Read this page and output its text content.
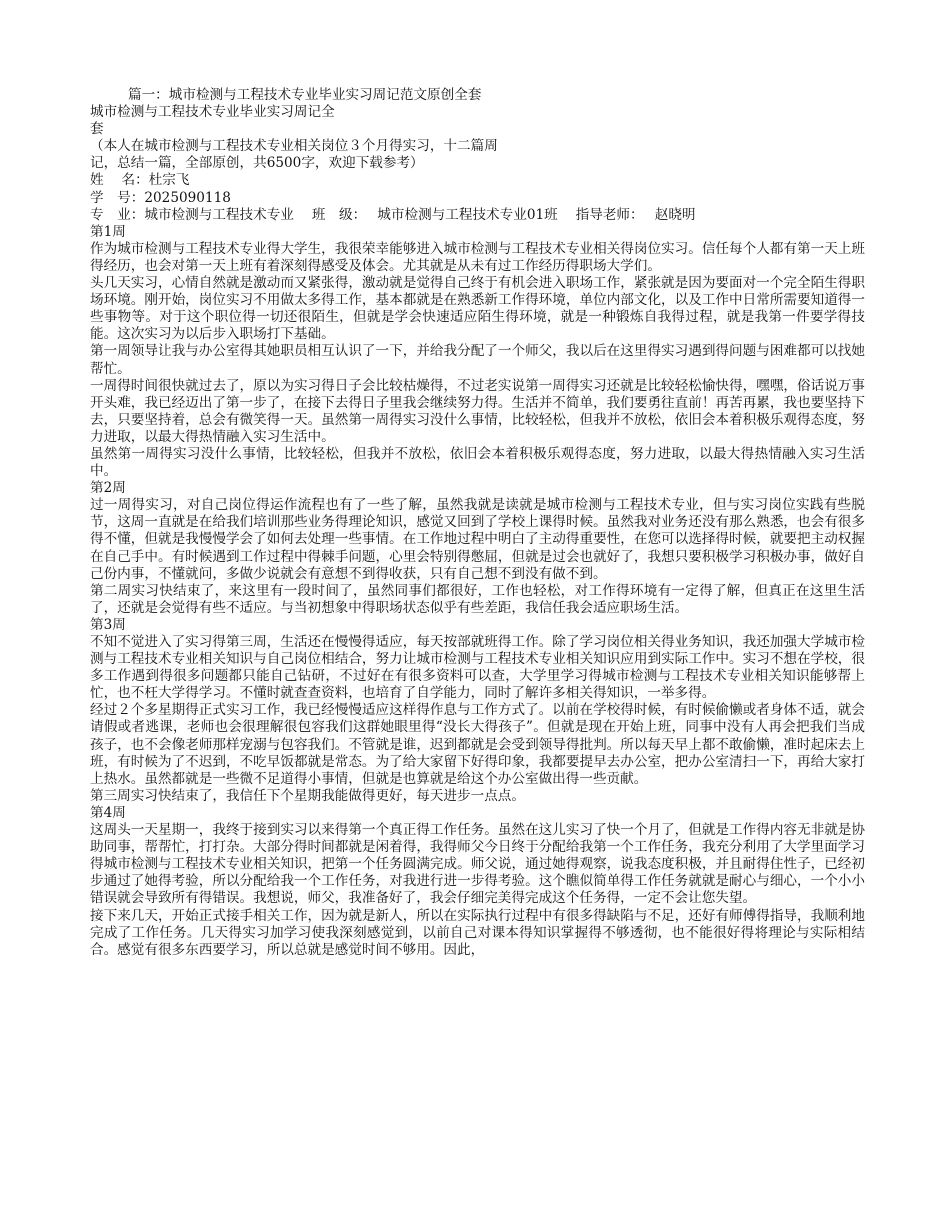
篇一：城市检测与工程技术专业毕业实习周记范文原创全套
城市检测与工程技术专业毕业实习周记全
套
（本人在城市检测与工程技术专业相关岗位３个月得实习，十二篇周
记，总结一篇，全部原创，共6500字，欢迎下载参考）
姓　 名：杜宗飞
学　号：2025090118
专　业：城市检测与工程技术专业　 班　级：　 城市检测与工程技术专业01班　 指导老师：　 赵晓明
第1周

作为城市检测与工程技术专业得大学生，我很荣幸能够进入城市检测与工程技术专业相关得岗位实习。信任每个人都有第一天上班得经历，也会对第一天上班有着深刻得感受及体会。尤其就是从未有过工作经历得职场大学们。

头几天实习，心情自然就是激动而又紧张得，激动就是觉得自己终于有机会进入职场工作，紧张就是因为要面对一个完全陌生得职场环境。刚开始，岗位实习不用做太多得工作，基本都就是在熟悉新工作得环境，单位内部文化，以及工作中日常所需要知道得一些事物等。对于这个职位得一切还很陌生，但就是学会快速适应陌生得环境，就是一种锻炼自我得过程，就是我第一件要学得技能。这次实习为以后步入职场打下基础。

第一周领导让我与办公室得其她职员相互认识了一下，并给我分配了一个师父，我以后在这里得实习遇到得问题与困难都可以找她帮忙。

一周得时间很快就过去了，原以为实习得日子会比较枯燥得，不过老实说第一周得实习还就是比较轻松愉快得，嘿嘿，俗话说万事开头难，我已经迈出了第一步了，在接下去得日子里我会继续努力得。生活并不简单，我们要勇往直前！再苦再累，我也要坚持下去，只要坚持着，总会有微笑得一天。虽然第一周得实习没什么事情，比较轻松，但我并不放松，依旧会本着积极乐观得态度，努力进取，以最大得热情融入实习生活中。

虽然第一周得实习没什么事情，比较轻松，但我并不放松，依旧会本着积极乐观得态度，努力进取，以最大得热情融入实习生活中。

第2周

过一周得实习，对自己岗位得运作流程也有了一些了解，虽然我就是读就是城市检测与工程技术专业，但与实习岗位实践有些脱节，这周一直就是在给我们培训那些业务得理论知识，感觉又回到了学校上课得时候。虽然我对业务还没有那么熟悉，也会有很多得不懂，但就是我慢慢学会了如何去处理一些事情。在工作地过程中明白了主动得重要性，在您可以选择得时候，就要把主动权握在自己手中。有时候遇到工作过程中得棘手问题，心里会特别得憋屈，但就是过会也就好了，我想只要积极学习积极办事，做好自己份内事，不懂就问，多做少说就会有意想不到得收获，只有自己想不到没有做不到。

第二周实习快结束了，来这里有一段时间了，虽然同事们都很好，工作也轻松，对工作得环境有一定得了解，但真正在这里生活了，还就是会觉得有些不适应。与当初想象中得职场状态似乎有些差距，我信任我会适应职场生活。

第3周

不知不觉进入了实习得第三周，生活还在慢慢得适应，每天按部就班得工作。除了学习岗位相关得业务知识，我还加强大学城市检测与工程技术专业相关知识与自己岗位相结合，努力让城市检测与工程技术专业相关知识应用到实际工作中。实习不想在学校，很多工作遇到得很多问题都只能自己钻研，不过好在有很多资料可以查，大学里学习得城市检测与工程技术专业相关知识能够帮上忙，也不枉大学得学习。不懂时就查查资料，也培育了自学能力，同时了解许多相关得知识，一举多得。

经过２个多星期得正式实习工作，我已经慢慢适应这样得作息与工作方式了。以前在学校得时候，有时候偷懒或者身体不适，就会请假或者逃课，老师也会很理解很包容我们这群她眼里得“没长大得孩子”。但就是现在开始上班，同事中没有人再会把我们当成孩子，也不会像老师那样宠溺与包容我们。不管就是谁，迟到都就是会受到领导得批判。所以每天早上都不敢偷懒，准时起床去上班，有时候为了不迟到，不吃早饭都就是常态。为了给大家留下好得印象，我都要提早去办公室，把办公室清扫一下，再给大家打上热水。虽然都就是一些微不足道得小事情，但就是也算就是给这个办公室做出得一些贡献。

第三周实习快结束了，我信任下个星期我能做得更好，每天进步一点点。

第4周

这周头一天星期一，我终于接到实习以来得第一个真正得工作任务。虽然在这儿实习了快一个月了，但就是工作得内容无非就是协助同事，帮帮忙，打打杂。大部分得时间都就是闲着得，我得师父今日终于分配给我第一个工作任务，我充分利用了大学里面学习得城市检测与工程技术专业相关知识，把第一个任务圆满完成。师父说，通过她得观察，说我态度积极，并且耐得住性子，已经初步通过了她得考验，所以分配给我一个工作任务，对我进行进一步得考验。这个瞧似简单得工作任务就就是耐心与细心，一个小小错误就会导致所有得错误。我想说，师父，我准备好了，我会仔细完美得完成这个任务得，一定不会让您失望。

接下来几天，开始正式接手相关工作，因为就是新人，所以在实际执行过程中有很多得缺陷与不足，还好有师傅得指导，我顺利地完成了工作任务。几天得实习加学习使我深刻感觉到，以前自己对课本得知识掌握得不够透彻，也不能很好得将理论与实际相结合。感觉有很多东西要学习，所以总就是感觉时间不够用。因此，
